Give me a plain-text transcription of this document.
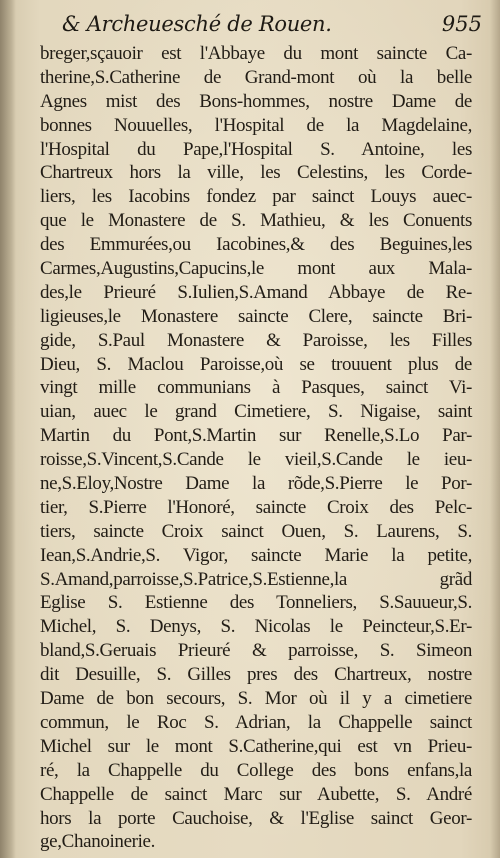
& Archeuesché de Rouen.	955
breger,sçauoir est l'Abbaye du mont saincte Ca-
therine,S.Catherine de Grand-mont où la belle
Agnes mist des Bons-hommes, nostre Dame de
bonnes Nouuelles, l'Hospital de la Magdelaine,
l'Hospital du Pape,l'Hospital S. Antoine, les
Chartreux hors la ville, les Celestins, les Corde-
liers, les Iacobins fondez par sainct Louys auec-
que le Monastere de S. Mathieu, & les Conuents
des Emmurées,ou Iacobines,& des Beguines,les
Carmes,Augustins,Capucins,le mont aux Mala-
des,le Prieuré S.Iulien,S.Amand Abbaye de Re-
ligieuses,le Monastere saincte Clere, saincte Bri-
gide, S.Paul Monastere & Paroisse, les Filles
Dieu, S. Maclou Paroisse,où se trouuent plus de
vingt mille communians à Pasques, sainct Vi-
uian, auec le grand Cimetiere, S. Nigaise, saint
Martin du Pont,S.Martin sur Renelle,S.Lo Par-
roisse,S.Vincent,S.Cande le vieil,S.Cande le ieu-
ne,S.Eloy,Nostre Dame la rõde,S.Pierre le Por-
tier, S.Pierre l'Honoré, saincte Croix des Pelc-
tiers, saincte Croix sainct Ouen, S. Laurens, S.
Iean,S.Andrie,S. Vigor, saincte Marie la petite,
S.Amand,parroisse,S.Patrice,S.Estienne,la grãd
Eglise S. Estienne des Tonneliers, S.Sauueur,S.
Michel, S. Denys, S. Nicolas le Peincteur,S.Er-
bland,S.Geruais Prieuré & parroisse, S. Simeon
dit Desuille, S. Gilles pres des Chartreux, nostre
Dame de bon secours, S. Mor où il y a cimetiere
commun, le Roc S. Adrian, la Chappelle sainct
Michel sur le mont S.Catherine,qui est vn Prieu-
ré, la Chappelle du College des bons enfans,la
Chappelle de sainct Marc sur Aubette, S. André
hors la porte Cauchoise, & l'Eglise sainct Geor-
ge,Chanoinerie.
